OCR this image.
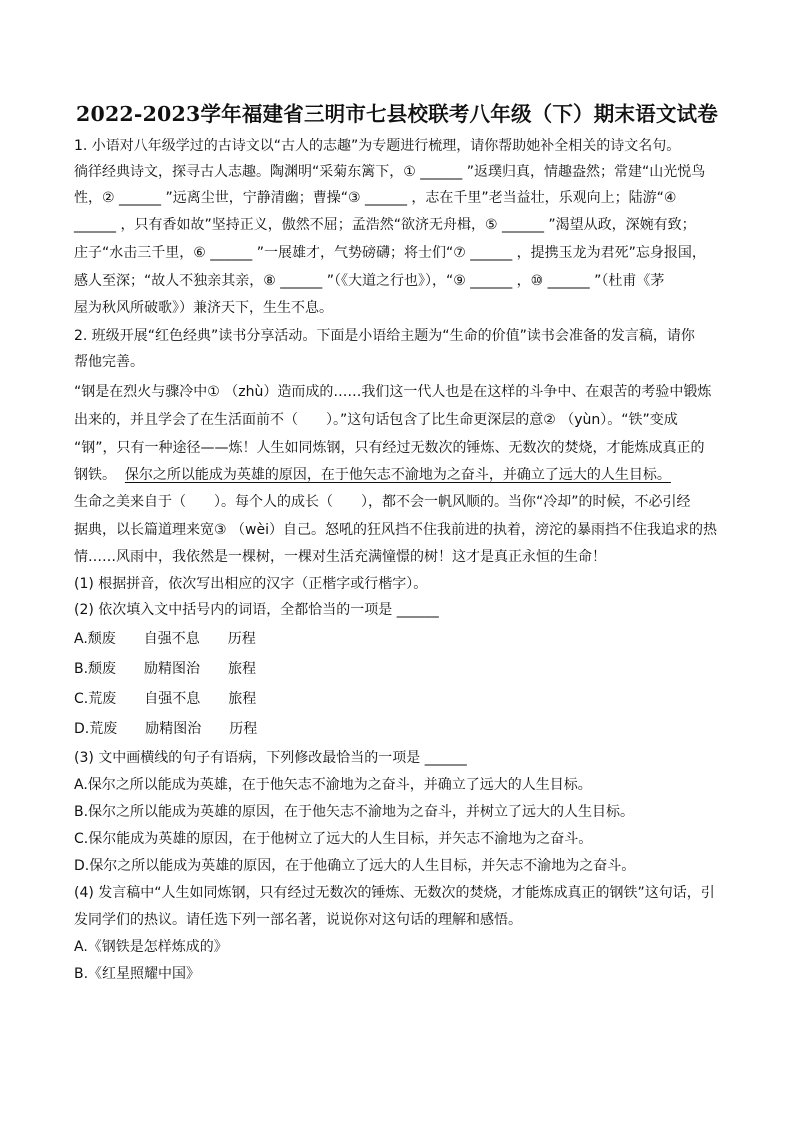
2022-2023学年福建省三明市七县校联考八年级（下）期末语文试卷
1. 小语对八年级学过的古诗文以“古人的志趣”为专题进行梳理，请你帮助她补全相关的诗文名句。
徜徉经典诗文，探寻古人志趣。陶渊明“采菊东篱下，① ______ ”返璞归真，情趣盎然；常建“山光悦鸟
性，② ______ ”远离尘世，宁静清幽；曹操“③ ______ ，志在千里”老当益壮，乐观向上；陆游“④
______ ，只有香如故”坚持正义，傲然不屈；孟浩然“欲济无舟楫，⑤ ______ ”渴望从政，深婉有致；
庄子“水击三千里，⑥ ______ ”一展雄才，气势磅礴；将士们“⑦ ______ ，提携玉龙为君死”忘身报国，
感人至深；“故人不独亲其亲，⑧ ______ ”（《大道之行也》），“⑨ ______ ，⑩ ______ ”（杜甫《茅
屋为秋风所破歌》）兼济天下，生生不息。
2. 班级开展“红色经典”读书分享活动。下面是小语给主题为“生命的价值”读书会准备的发言稿，请你
帮他完善。
“钢是在烈火与骤冷中① （zhù）造而成的……我们这一代人也是在这样的斗争中、在艰苦的考验中锻炼
出来的，并且学会了在生活面前不（　　）。”这句话包含了比生命更深层的意② （yùn）。“铁”变成
“钢”，只有一种途径——炼！人生如同炼钢，只有经过无数次的锤炼、无数次的焚烧，才能炼成真正的
钢铁。 保尔之所以能成为英雄的原因，在于他矢志不渝地为之奋斗，并确立了远大的人生目标。
生命之美来自于（　　）。每个人的成长（　　），都不会一帆风顺的。当你“冷却”的时候，不必引经
据典，以长篇道理来宽③ （wèi）自己。怒吼的狂风挡不住我前进的执着，滂沱的暴雨挡不住我追求的热
情……风雨中，我依然是一棵树，一棵对生活充满憧憬的树！这才是真正永恒的生命！
(1) 根据拼音，依次写出相应的汉字（正楷字或行楷字）。
(2) 依次填入文中括号内的词语，全都恰当的一项是 ______
A.颓废　　自强不息　　历程
B.颓废　　励精图治　　旅程
C.荒废　　自强不息　　旅程
D.荒废　　励精图治　　历程
(3) 文中画横线的句子有语病，下列修改最恰当的一项是 ______
A.保尔之所以能成为英雄，在于他矢志不渝地为之奋斗，并确立了远大的人生目标。
B.保尔之所以能成为英雄的原因，在于他矢志不渝地为之奋斗，并树立了远大的人生目标。
C.保尔能成为英雄的原因，在于他树立了远大的人生目标，并矢志不渝地为之奋斗。
D.保尔之所以能成为英雄的原因，在于他确立了远大的人生目标，并矢志不渝地为之奋斗。
(4) 发言稿中“人生如同炼钢，只有经过无数次的锤炼、无数次的焚烧，才能炼成真正的钢铁”这句话，引
发同学们的热议。请任选下列一部名著，说说你对这句话的理解和感悟。
A.《钢铁是怎样炼成的》
B.《红星照耀中国》
